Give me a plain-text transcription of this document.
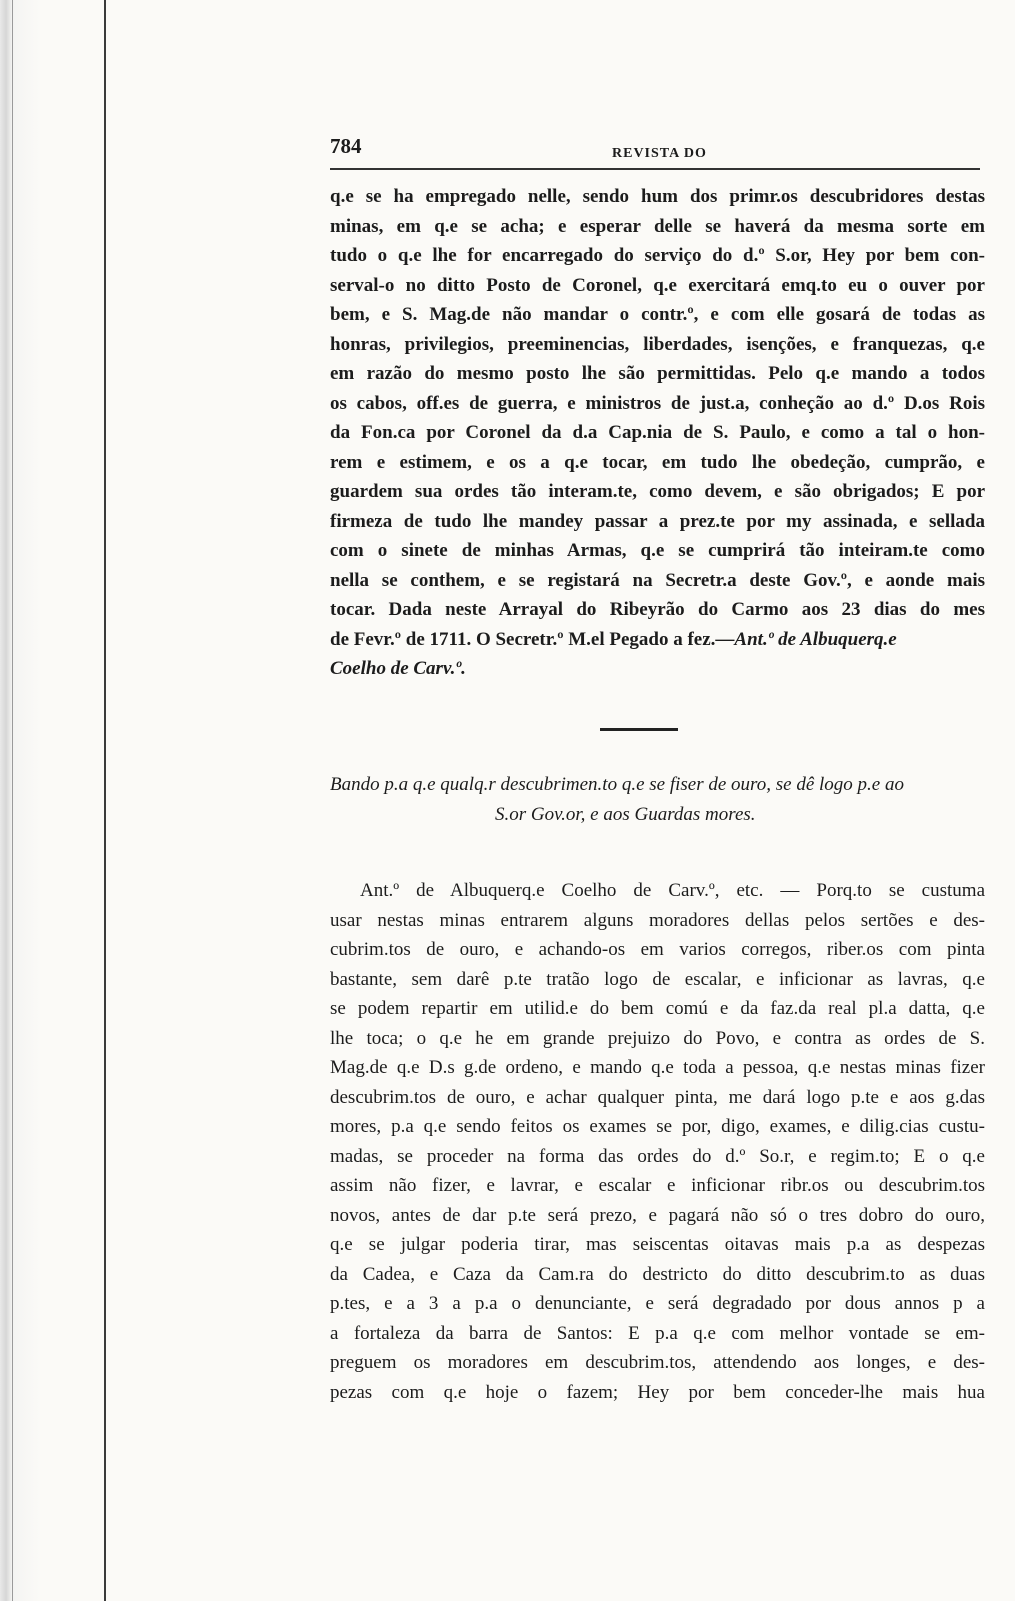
784	REVISTA DO
q.e se ha empregado nelle, sendo hum dos primr.os descubridores destas
minas, em q.e se acha; e esperar delle se haverá da mesma sorte em
tudo o q.e lhe for encarregado do serviço do d.º S.or, Hey por bem con-
serval-o no ditto Posto de Coronel, q.e exercitará emq.to eu o ouver por
bem, e S. Mag.de não mandar o contr.º, e com elle gosará de todas as
honras, privilegios, preeminencias, liberdades, isenções, e franquezas, q.e
em razão do mesmo posto lhe são permittidas. Pelo q.e mando a todos
os cabos, off.es de guerra, e ministros de just.a, conheção ao d.º D.os Rois
da Fon.ca por Coronel da d.a Cap.nia de S. Paulo, e como a tal o hon-
rem e estimem, e os a q.e tocar, em tudo lhe obedeção, cumprão, e
guardem sua ordes tão interam.te, como devem, e são obrigados; E por
firmeza de tudo lhe mandey passar a prez.te por my assinada, e sellada
com o sinete de minhas Armas, q.e se cumprirá tão inteiram.te como
nella se conthem, e se registará na Secretr.a deste Gov.º, e aonde mais
tocar. Dada neste Arrayal do Ribeyrão do Carmo aos 23 dias do mes
de Fevr.º de 1711. O Secretr.º M.el Pegado a fez.—Ant.º de Albuquerq.e
Coelho de Carv.º.
Bando p.a q.e qualq.r descubrimen.to q.e se fiser de ouro, se dê logo p.e ao
S.or Gov.or, e aos Guardas mores.
Ant.º de Albuquerq.e Coelho de Carv.º, etc. — Porq.to se custuma
usar nestas minas entrarem alguns moradores dellas pelos sertões e des-
cubrim.tos de ouro, e achando-os em varios corregos, riber.os com pinta
bastante, sem darê p.te tratão logo de escalar, e inficionar as lavras, q.e
se podem repartir em utilid.e do bem comú e da faz.da real pl.a datta, q.e
lhe toca; o q.e he em grande prejuizo do Povo, e contra as ordes de S.
Mag.de q.e D.s g.de ordeno, e mando q.e toda a pessoa, q.e nestas minas fizer
descubrim.tos de ouro, e achar qualquer pinta, me dará logo p.te e aos g.das
mores, p.a q.e sendo feitos os exames se por, digo, exames, e dilig.cias custu-
madas, se proceder na forma das ordes do d.º So.r, e regim.to; E o q.e
assim não fizer, e lavrar, e escalar e inficionar ribr.os ou descubrim.tos
novos, antes de dar p.te será prezo, e pagará não só o tres dobro do ouro,
q.e se julgar poderia tirar, mas seiscentas oitavas mais p.a as despezas
da Cadea, e Caza da Cam.ra do destricto do ditto descubrim.to as duas
p.tes, e a 3 a p.a o denunciante, e será degradado por dous annos p a
a fortaleza da barra de Santos: E p.a q.e com melhor vontade se em-
preguem os moradores em descubrim.tos, attendendo aos longes, e des-
pezas com q.e hoje o fazem; Hey por bem conceder-lhe mais hua
